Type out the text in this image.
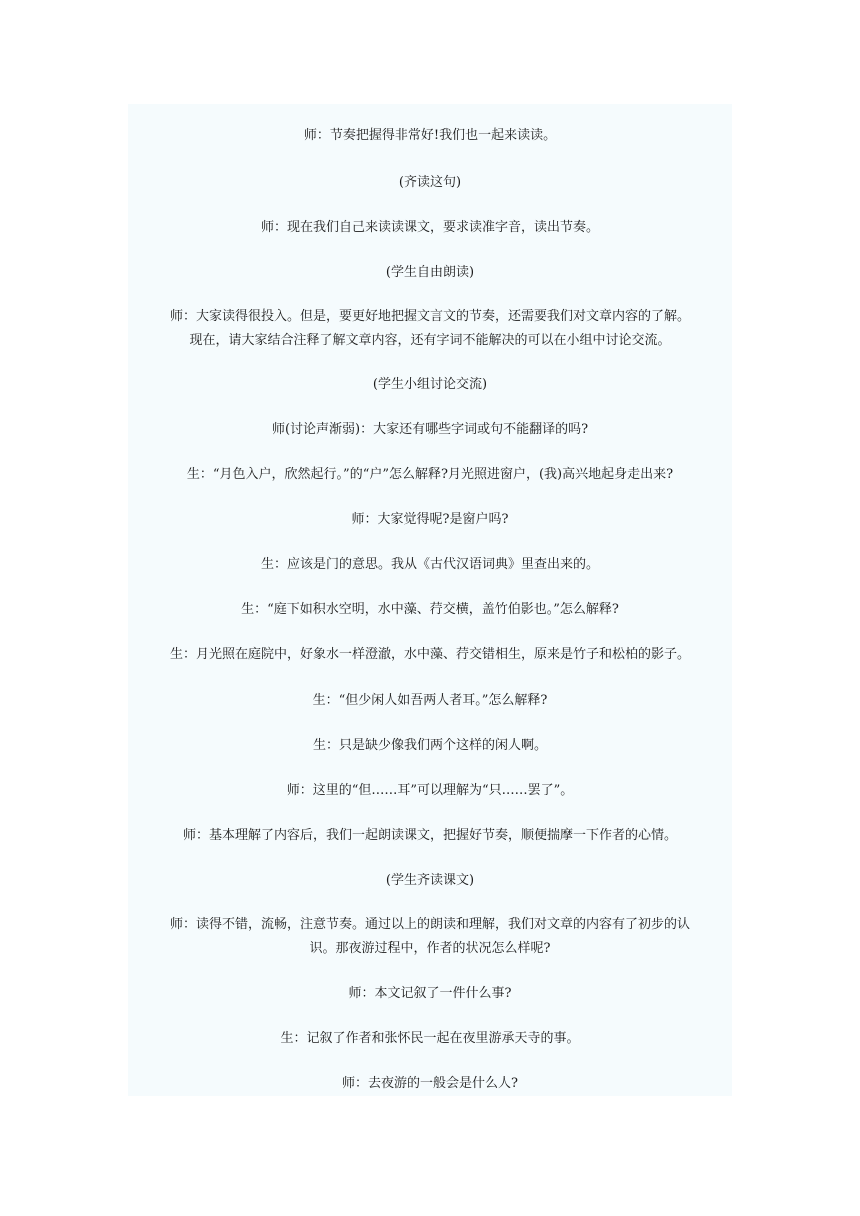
师：节奏把握得非常好!我们也一起来读读。

(齐读这句)

师：现在我们自己来读读课文，要求读准字音，读出节奏。

(学生自由朗读)

师：大家读得很投入。但是，要更好地把握文言文的节奏，还需要我们对文章内容的了解。
现在，请大家结合注释了解文章内容，还有字词不能解决的可以在小组中讨论交流。

(学生小组讨论交流)

师(讨论声渐弱)：大家还有哪些字词或句不能翻译的吗?

生：“月色入户，欣然起行。”的“户”怎么解释?月光照进窗户，(我)高兴地起身走出来?

师：大家觉得呢?是窗户吗?

生：应该是门的意思。我从《古代汉语词典》里查出来的。

生：“庭下如积水空明，水中藻、荇交横，盖竹伯影也。”怎么解释?

生：月光照在庭院中，好象水一样澄澈，水中藻、荇交错相生，原来是竹子和松柏的影子。

生：“但少闲人如吾两人者耳。”怎么解释?

生：只是缺少像我们两个这样的闲人啊。

师：这里的“但……耳”可以理解为“只……罢了”。

师：基本理解了内容后，我们一起朗读课文，把握好节奏，顺便揣摩一下作者的心情。

(学生齐读课文)

师：读得不错，流畅，注意节奏。通过以上的朗读和理解，我们对文章的内容有了初步的认
识。那夜游过程中，作者的状况怎么样呢?

师：本文记叙了一件什么事?

生：记叙了作者和张怀民一起在夜里游承天寺的事。

师：去夜游的一般会是什么人?
